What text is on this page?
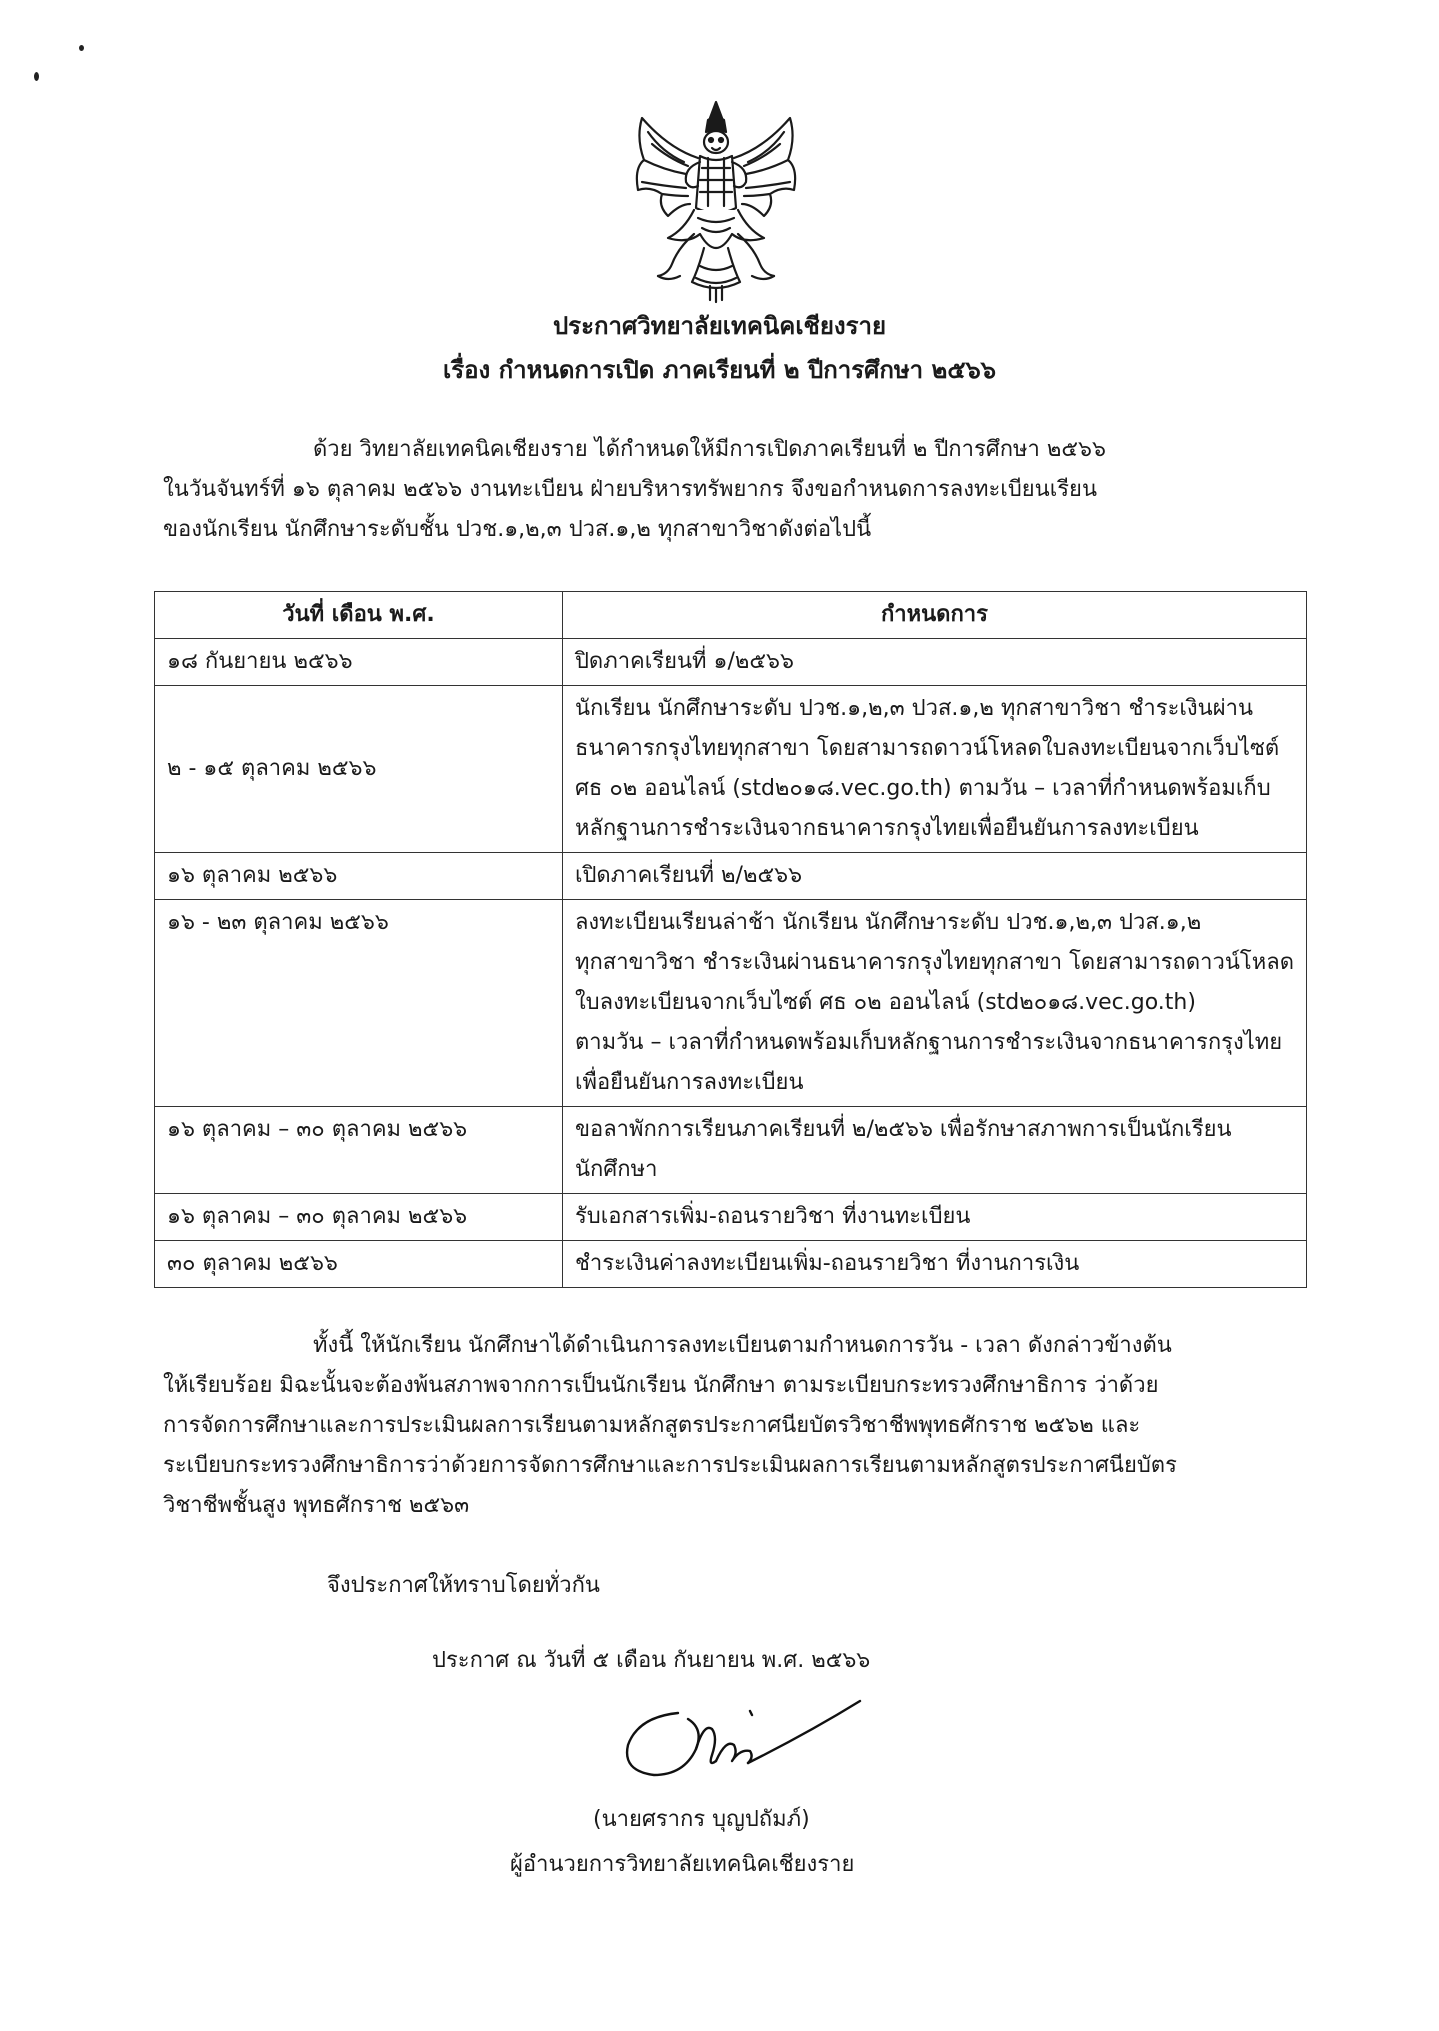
ประกาศวิทยาลัยเทคนิคเชียงราย
เรื่อง กำหนดการเปิด ภาคเรียนที่ ๒ ปีการศึกษา ๒๕๖๖
ด้วย วิทยาลัยเทคนิคเชียงราย ได้กำหนดให้มีการเปิดภาคเรียนที่ ๒ ปีการศึกษา ๒๕๖๖
ในวันจันทร์ที่ ๑๖ ตุลาคม ๒๕๖๖ งานทะเบียน ฝ่ายบริหารทรัพยากร จึงขอกำหนดการลงทะเบียนเรียน
ของนักเรียน นักศึกษาระดับชั้น ปวช.๑,๒,๓ ปวส.๑,๒ ทุกสาขาวิชาดังต่อไปนี้
วันที่ เดือน พ.ศ.	กำหนดการ
๑๘ กันยายน ๒๕๖๖	ปิดภาคเรียนที่ ๑/๒๕๖๖

๒ - ๑๕ ตุลาคม ๒๕๖๖	นักเรียน นักศึกษาระดับ ปวช.๑,๒,๓ ปวส.๑,๒ ทุกสาขาวิชา ชำระเงินผ่าน
ธนาคารกรุงไทยทุกสาขา โดยสามารถดาวน์โหลดใบลงทะเบียนจากเว็บไซต์
ศธ ๐๒ ออนไลน์ (std๒๐๑๘.vec.go.th) ตามวัน – เวลาที่กำหนดพร้อมเก็บ
หลักฐานการชำระเงินจากธนาคารกรุงไทยเพื่อยืนยันการลงทะเบียน

๑๖ ตุลาคม ๒๕๖๖	เปิดภาคเรียนที่ ๒/๒๕๖๖

๑๖ - ๒๓ ตุลาคม ๒๕๖๖	ลงทะเบียนเรียนล่าช้า นักเรียน นักศึกษาระดับ ปวช.๑,๒,๓ ปวส.๑,๒
ทุกสาขาวิชา ชำระเงินผ่านธนาคารกรุงไทยทุกสาขา โดยสามารถดาวน์โหลด
ใบลงทะเบียนจากเว็บไซต์ ศธ ๐๒ ออนไลน์ (std๒๐๑๘.vec.go.th)
ตามวัน – เวลาที่กำหนดพร้อมเก็บหลักฐานการชำระเงินจากธนาคารกรุงไทย
เพื่อยืนยันการลงทะเบียน

๑๖ ตุลาคม – ๓๐ ตุลาคม ๒๕๖๖	ขอลาพักการเรียนภาคเรียนที่ ๒/๒๕๖๖ เพื่อรักษาสภาพการเป็นนักเรียน
นักศึกษา

๑๖ ตุลาคม – ๓๐ ตุลาคม ๒๕๖๖	รับเอกสารเพิ่ม-ถอนรายวิชา ที่งานทะเบียน

๓๐ ตุลาคม ๒๕๖๖	ชำระเงินค่าลงทะเบียนเพิ่ม-ถอนรายวิชา ที่งานการเงิน
ทั้งนี้ ให้นักเรียน นักศึกษาได้ดำเนินการลงทะเบียนตามกำหนดการวัน - เวลา ดังกล่าวข้างต้น
ให้เรียบร้อย มิฉะนั้นจะต้องพ้นสภาพจากการเป็นนักเรียน นักศึกษา ตามระเบียบกระทรวงศึกษาธิการ ว่าด้วย
การจัดการศึกษาและการประเมินผลการเรียนตามหลักสูตรประกาศนียบัตรวิชาชีพพุทธศักราช ๒๕๖๒ และ
ระเบียบกระทรวงศึกษาธิการว่าด้วยการจัดการศึกษาและการประเมินผลการเรียนตามหลักสูตรประกาศนียบัตร
วิชาชีพชั้นสูง พุทธศักราช ๒๕๖๓
จึงประกาศให้ทราบโดยทั่วกัน
ประกาศ ณ วันที่ ๕ เดือน กันยายน พ.ศ. ๒๕๖๖
(นายศรากร บุญปถัมภ์)
ผู้อำนวยการวิทยาลัยเทคนิคเชียงราย
